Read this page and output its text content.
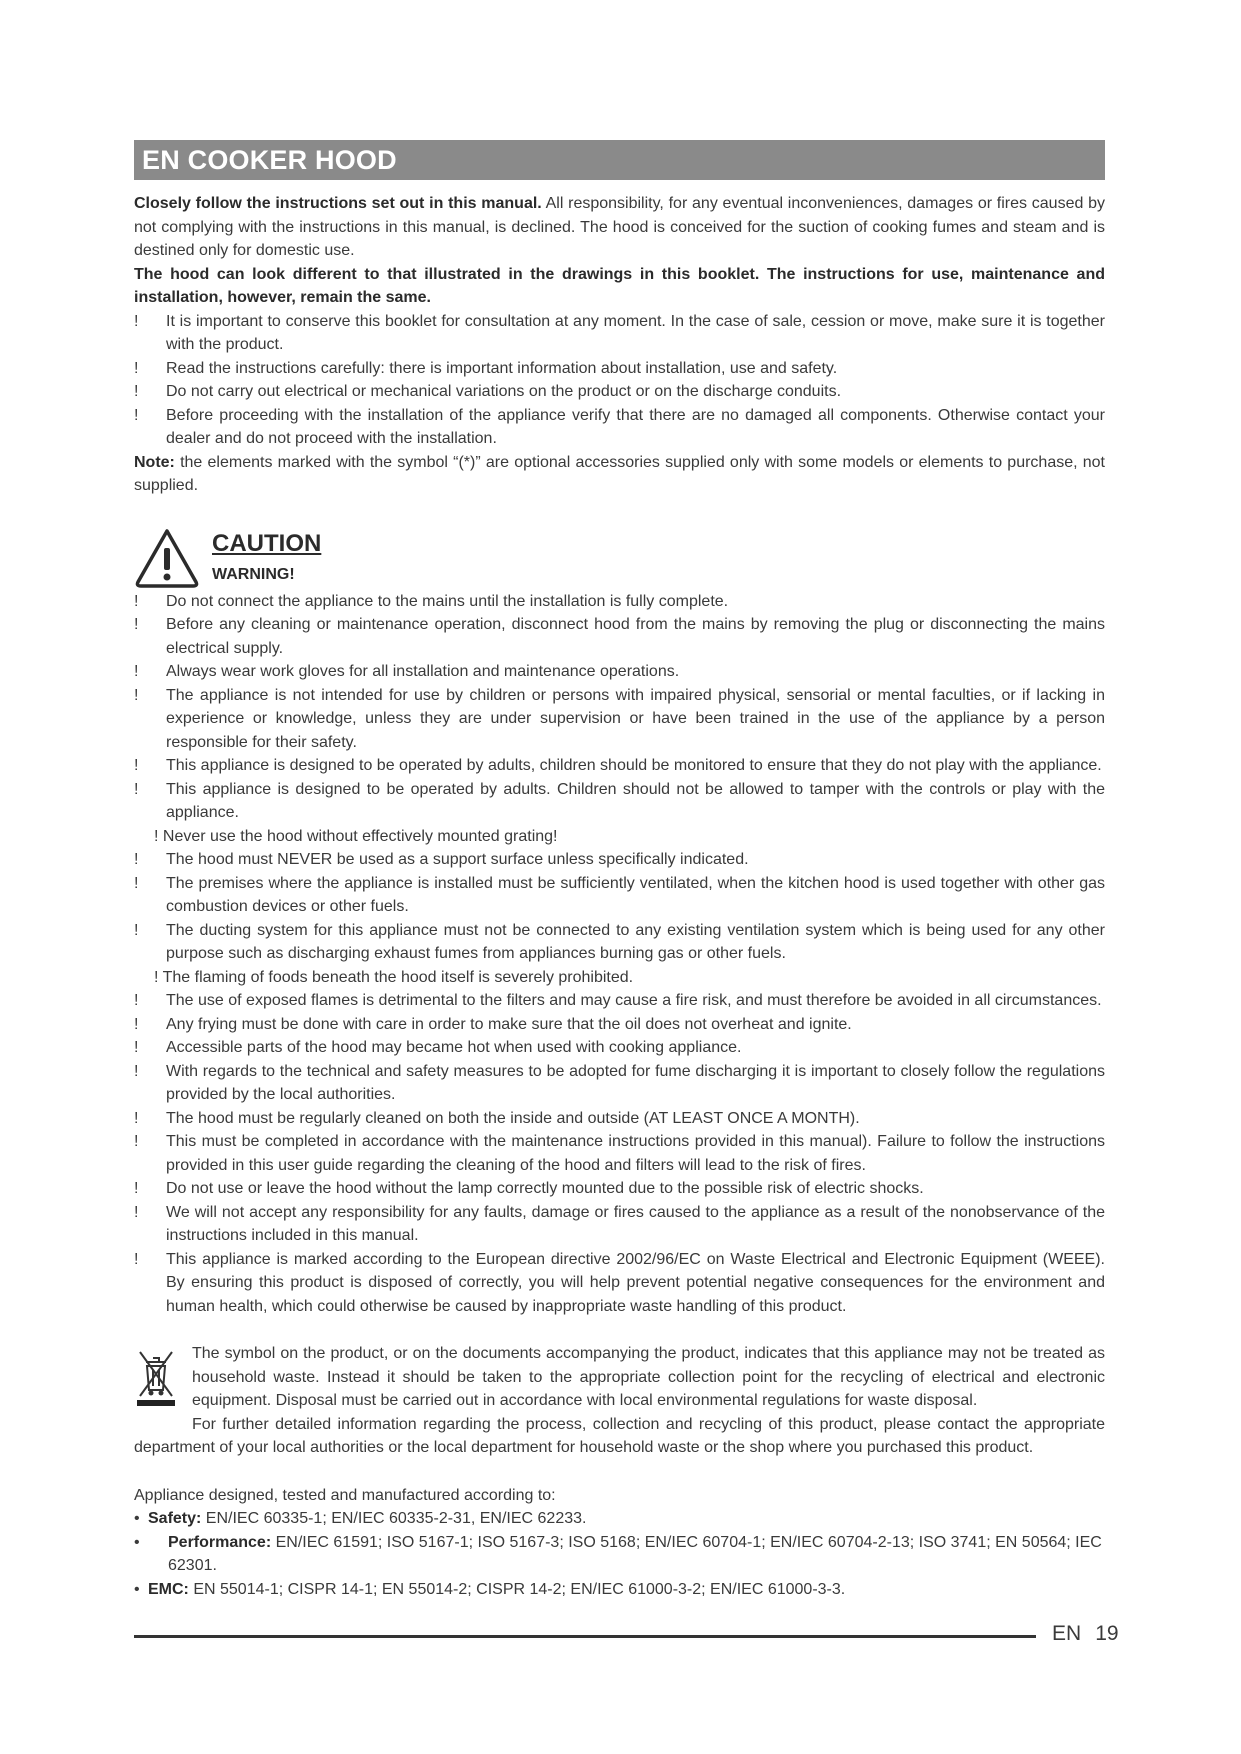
EN COOKER HOOD

Closely follow the instructions set out in this manual. All responsibility, for any eventual inconveniences, damages or fires caused by not complying with the instructions in this manual, is declined. The hood is conceived for the suction of cooking fumes and steam and is destined only for domestic use.

The hood can look different to that illustrated in the drawings in this booklet. The instructions for use, maintenance and installation, however, remain the same.

!	It is important to conserve this booklet for consultation at any moment. In the case of sale, cession or move, make sure it is together with the product.
!	Read the instructions carefully: there is important information about installation, use and safety.
!	Do not carry out electrical or mechanical variations on the product or on the discharge conduits.
!	Before proceeding with the installation of the appliance verify that there are no damaged all components. Otherwise contact your dealer and do not proceed with the installation.

Note: the elements marked with the symbol “(*)” are optional accessories supplied only with some models or elements to purchase, not supplied.

CAUTION
WARNING!
!	Do not connect the appliance to the mains until the installation is fully complete.
!	Before any cleaning or maintenance operation, disconnect hood from the mains by removing the plug or disconnecting the mains electrical supply.
!	Always wear work gloves for all installation and maintenance operations.
!	The appliance is not intended for use by children or persons with impaired physical, sensorial or mental faculties, or if lacking in experience or knowledge, unless they are under supervision or have been trained in the use of the appliance by a person responsible for their safety.
!	This appliance is designed to be operated by adults, children should be monitored to ensure that they do not play with the appliance.
!	This appliance is designed to be operated by adults. Children should not be allowed to tamper with the controls or play with the appliance.
! Never use the hood without effectively mounted grating!
!	The hood must NEVER be used as a support surface unless specifically indicated.
!	The premises where the appliance is installed must be sufficiently ventilated, when the kitchen hood is used together with other gas combustion devices or other fuels.
!	The ducting system for this appliance must not be connected to any existing ventilation system which is being used for any other purpose such as discharging exhaust fumes from appliances burning gas or other fuels.
! The flaming of foods beneath the hood itself is severely prohibited.
!	The use of exposed flames is detrimental to the filters and may cause a fire risk, and must therefore be avoided in all circumstances.
!	Any frying must be done with care in order to make sure that the oil does not overheat and ignite.
!	Accessible parts of the hood may became hot when used with cooking appliance.
!	With regards to the technical and safety measures to be adopted for fume discharging it is important to closely follow the regulations provided by the local authorities.
!	The hood must be regularly cleaned on both the inside and outside (AT LEAST ONCE A MONTH).
!	This must be completed in accordance with the maintenance instructions provided in this manual). Failure to follow the instructions provided in this user guide regarding the cleaning of the hood and filters will lead to the risk of fires.
!	Do not use or leave the hood without the lamp correctly mounted due to the possible risk of electric shocks.
!	We will not accept any responsibility for any faults, damage or fires caused to the appliance as a result of the nonobservance of the instructions included in this manual.
!	This appliance is marked according to the European directive 2002/96/EC on Waste Electrical and Electronic Equipment (WEEE). By ensuring this product is disposed of correctly, you will help prevent potential negative consequences for the environment and human health, which could otherwise be caused by inappropriate waste handling of this product.
The symbol on the product, or on the documents accompanying the product, indicates that this appliance may not be treated as household waste. Instead it should be taken to the appropriate collection point for the recycling of electrical and electronic equipment. Disposal must be carried out in accordance with local environmental regulations for waste disposal.
For further detailed information regarding the process, collection and recycling of this product, please contact the appropriate department of your local authorities or the local department for household waste or the shop where you purchased this product.
Appliance designed, tested and manufactured according to:
• Safety: EN/IEC 60335-1; EN/IEC 60335-2-31, EN/IEC 62233.
•	Performance: EN/IEC 61591; ISO 5167-1; ISO 5167-3; ISO 5168; EN/IEC 60704-1; EN/IEC 60704-2-13; ISO 3741; EN 50564; IEC 62301.
• EMC: EN 55014-1; CISPR 14-1; EN 55014-2; CISPR 14-2; EN/IEC 61000-3-2; EN/IEC 61000-3-3.
EN 19
